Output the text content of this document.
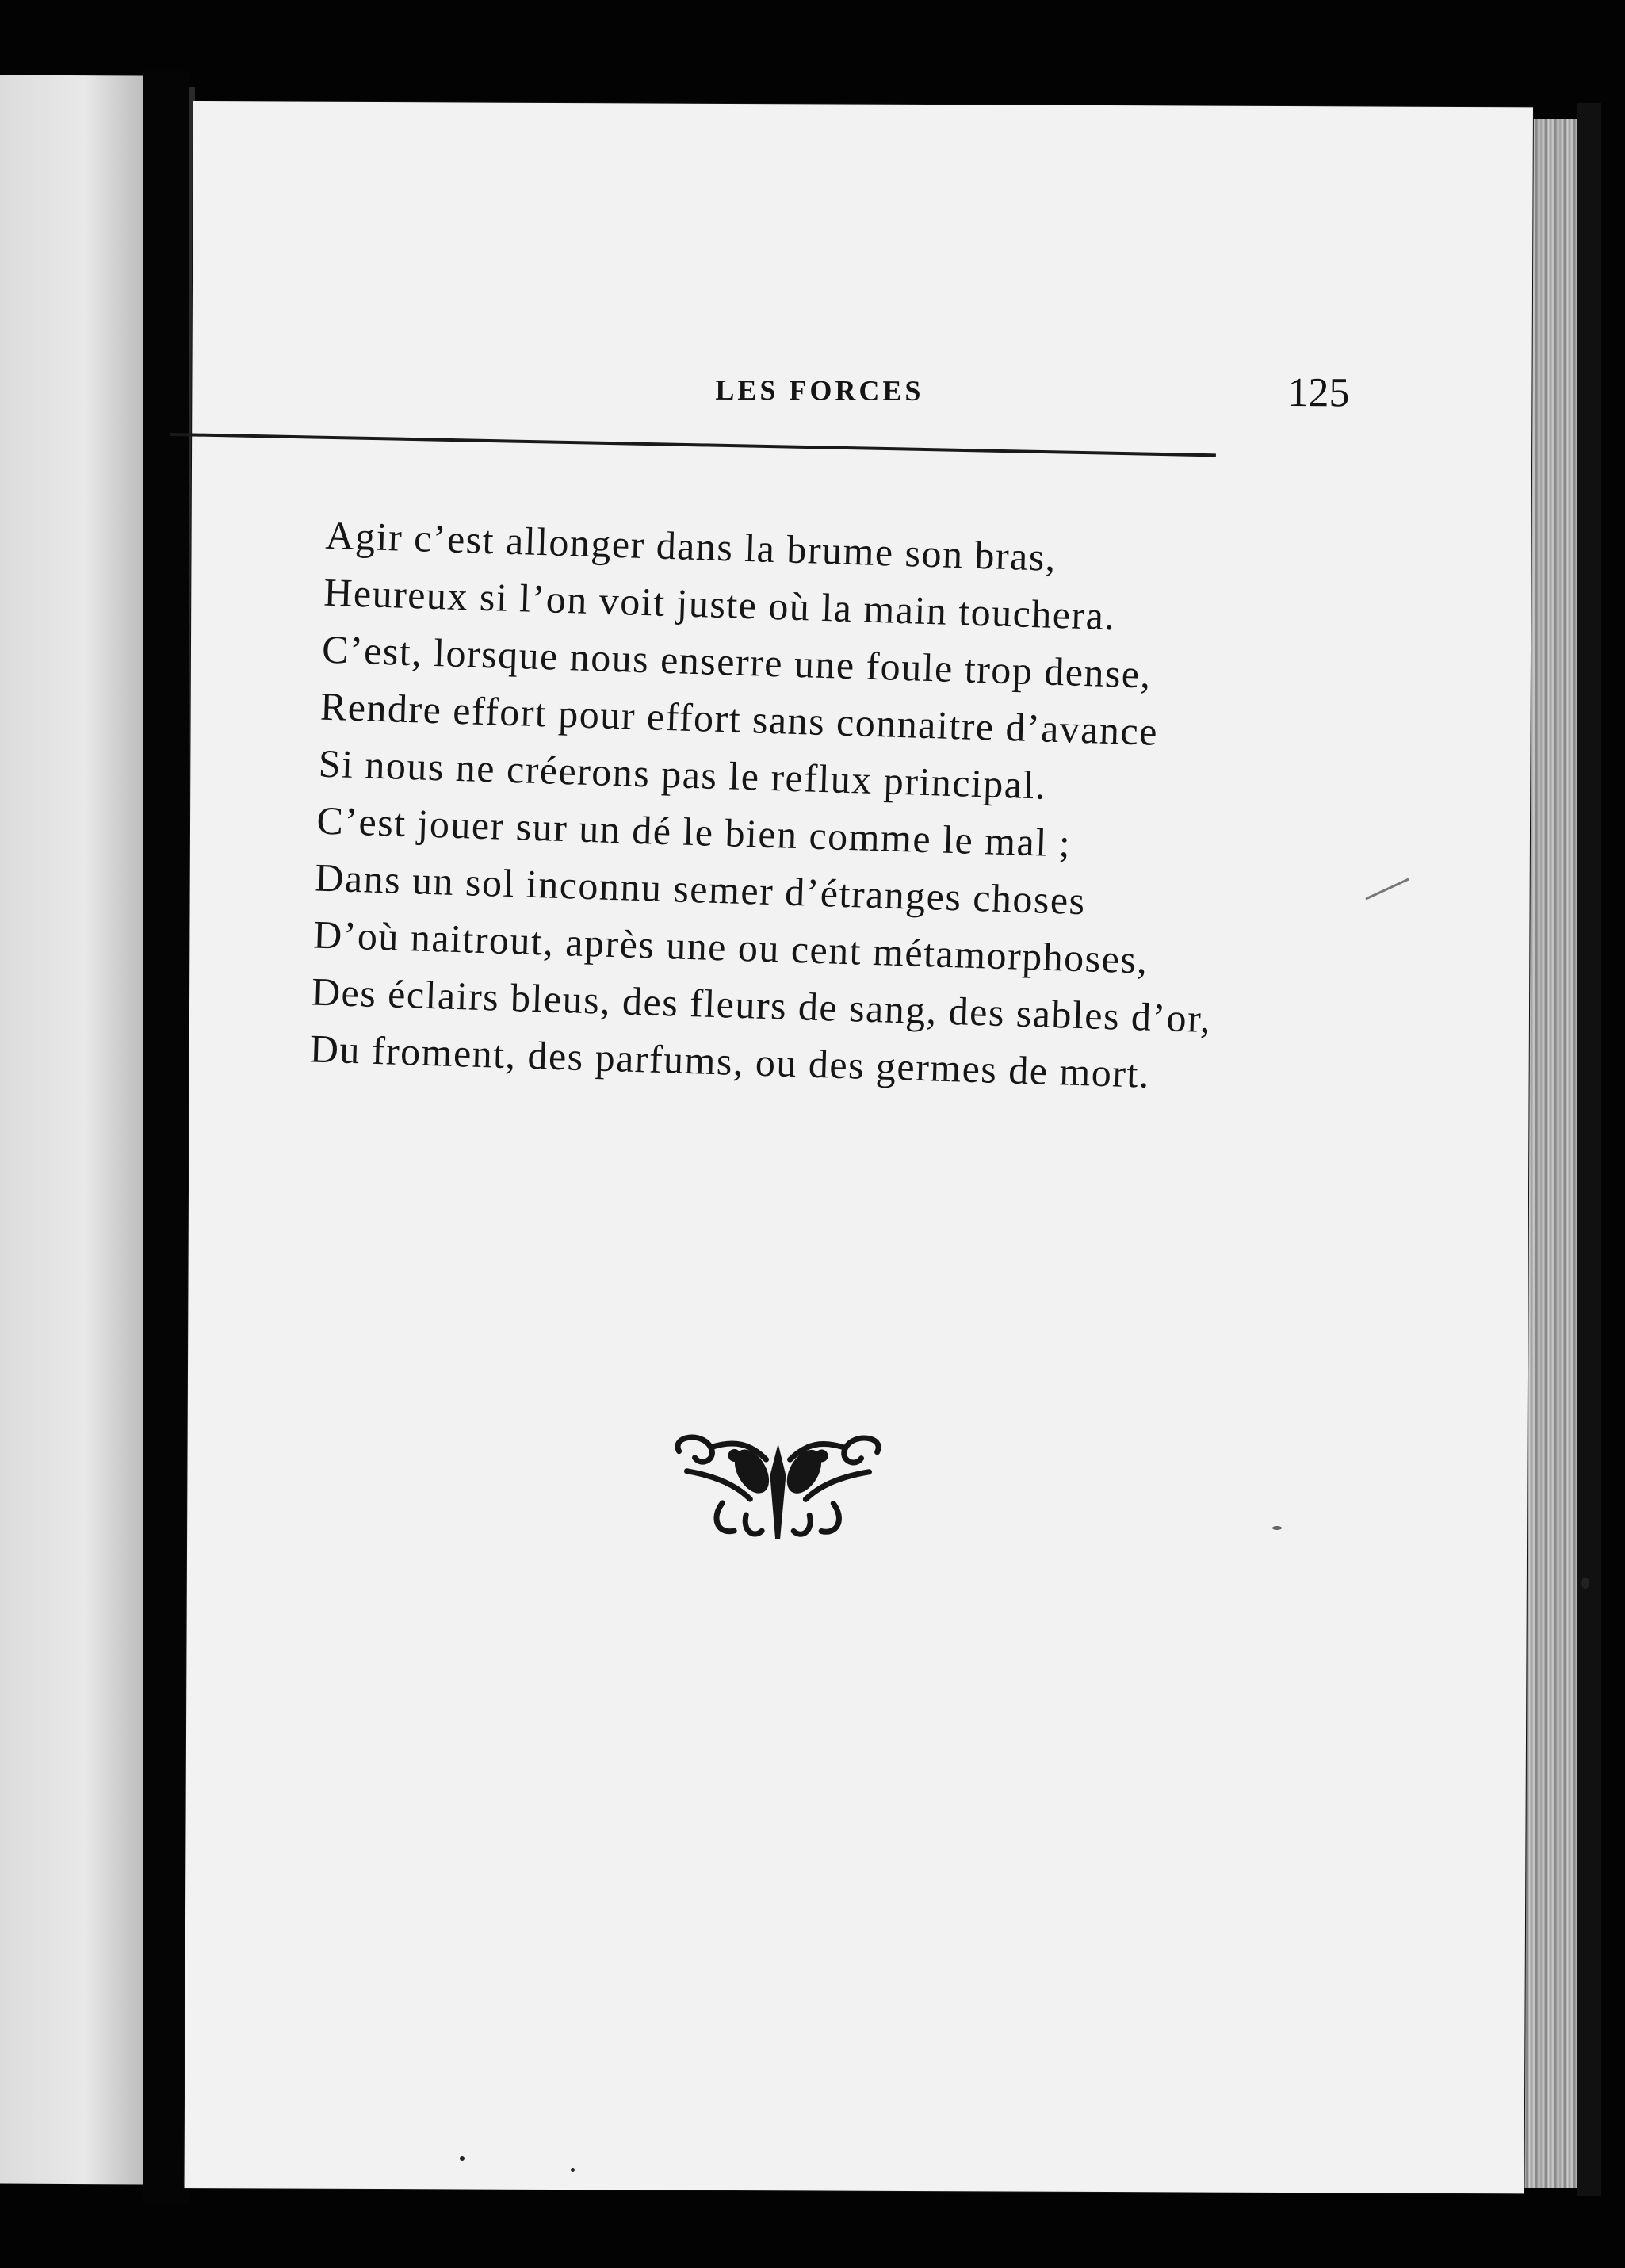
LES FORCES	125
Agir c’est allonger dans la brume son bras,
Heureux si l’on voit juste où la main touchera.
C’est, lorsque nous enserre une foule trop dense,
Rendre effort pour effort sans connaitre d’avance
Si nous ne créerons pas le reflux principal.
C’est jouer sur un dé le bien comme le mal ;
Dans un sol inconnu semer d’étranges choses
D’où naitrout, après une ou cent métamorphoses,
Des éclairs bleus, des fleurs de sang, des sables d’or,
Du froment, des parfums, ou des germes de mort.
